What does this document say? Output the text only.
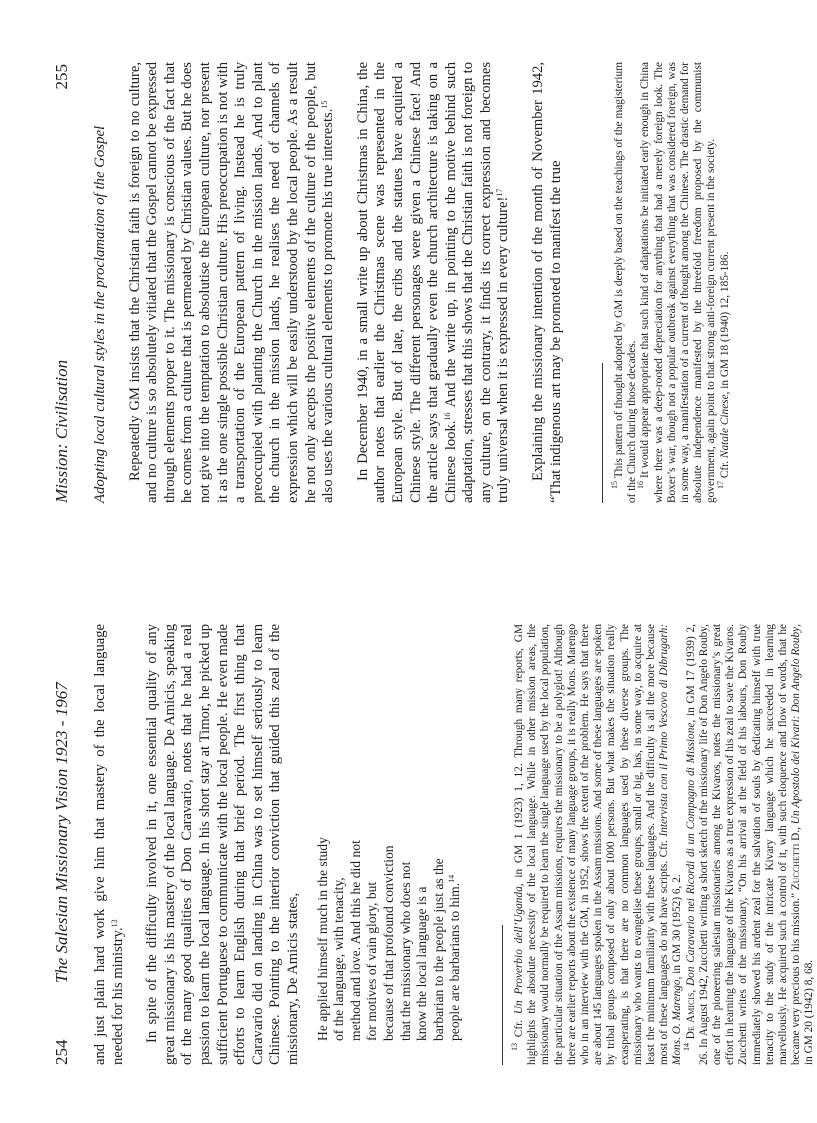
254
The Salesian Missionary Vision 1923 - 1967 and just plain hard work give him that mastery of the local language needed for his ministry.$^{13}$	In spite of the difficulty involved in it, one essential quality of any great missionary is his mastery of the local language. De Amicis, speaking of the many good qualities of Don Caravario, notes that he had a real passion to learn the local language. In his short stay at Timor, he picked up sufficient Portuguese to communicate with the local people. He even made efforts to learn English during that brief period. The first thing that Caravario did on landing in China was to set himself seriously to learn Chinese. Pointing to the interior conviction that guided this zeal of the missionary, De Amicis states, He applied himself much in the study of the language, with tenacity, method and love. And this he did not for motives of vain glory, but because of that profound conviction that the missionary who does not know the local language is a barbarian to the people just as the people are barbarians to him.$^{14}$

$^{13}$ Cfr. Un Proverbio dell’Uganda, in GM 1 (1923) 1, 12. Through many reports, GM highlights the absolute necessity of the local language. While in other mission areas, the missionary would normally be required to learn the single language used by the local population, the particular situation of the Assam missions, requires the missionary to be a polyglot! Although there are earlier reports about the existence of many language groups, it is really Mons. Marengo who in an interview with the GM, in 1952, shows the extent of the problem. He says that there are about 145 languages spoken in the Assam missions. And some of these languages are spoken by tribal groups composed of only about 1000 persons. But what makes the situation really exasperating, is that there are no common languages used by these diverse groups. The missionary who wants to evangelise these groups, small or big, has, in some way, to acquire at least the minimum familiarity with these languages. And the difficulty is all the more because most of these languages do not have scripts. Cfr. Intervista con il Primo Vescovo di Dibrugarh: Mons. O. Marengo, in GM 30 (1952) 6, 2.

$^{14}$ De Amicis, Don Caravario nei Ricordi di un Compagno di Missione, in GM 17 (1939) 2, 26. In August 1942, Zucchetti writing a short sketch of the missionary life of Don Angelo Rouby, one of the pioneering salesian missionaries among the Kivaros, notes the missionary’s great effort in learning the language of the Kivaros as a true expression of his zeal to save the Kivaros. Zucchetti writes of the missionary, “On his arrival at the field of his labours, Don Rouby immediately showed his ardent zeal for the salvation of souls by dedicating himself with true tenacity to the study of the intricate Kivary language which he succeeded in learning marvellously. He acquired such a control of it, with such eloquence and flow of words, that he became very precious to his mission.” Zucchetti D., Un Apostolo dei Kivari: Don Angelo Rouby, in GM 20 (1942) 8, 68.

Mission: Civilisation
255

Adopting local cultural styles in the proclamation of the Gospel Repeatedly GM insists that the Christian faith is foreign to no culture, and no culture is so absolutely vitiated that the Gospel cannot be expressed through elements proper to it. The missionary is conscious of the fact that he comes from a culture that is permeated by Christian values. But he does not give into the temptation to absolutise the European culture, nor present it as the one single possible Christian culture. His preoccupation is not with a transportation of the European pattern of living. Instead he is truly preoccupied with planting the Church in the mission lands. And to plant the church in the mission lands, he realises the need of channels of expression which will be easily understood by the local people. As a result he not only accepts the positive elements of the culture of the people, but also uses the various cultural elements to promote his true interests.$^{15}$	In December 1940, in a small write up about Christmas in China, the author notes that earlier the Christmas scene was represented in the European style. But of late, the cribs and the statues have acquired a Chinese style. The different personages were given a Chinese face! And the article says that gradually even the church architecture is taking on a Chinese look.$^{16}$ And the write up, in pointing to the motive behind such adaptation, stresses that this shows that the Christian faith is not foreign to any culture, on the contrary, it finds its correct expression and becomes truly universal when it is expressed in every culture!$^{17}$	Explaining the missionary intention of the month of November 1942, “That indigenous art may be promoted to manifest the true	$^{15}$ This pattern of thought adopted by GM is deeply based on the teachings of the magisterium of the Church during those decades.

$^{16}$ It would appear appropriate that such kind of adaptations be initiated early enough in China where there was a deep-rooted depreciation for anything that had a merely foreign look. The Boxer’s war, though not a popular outbreak against everything that was considered foreign, was in some way, a manifestation of a current of thought among the Chinese. The drastic demand for absolute independence manifested by the threefold freedom proposed by the communist government, again point to that strong anti-foreign current present in the society.

$^{17}$ Cfr. Natale Cinese, in GM 18 (1940) 12, 185-186.
